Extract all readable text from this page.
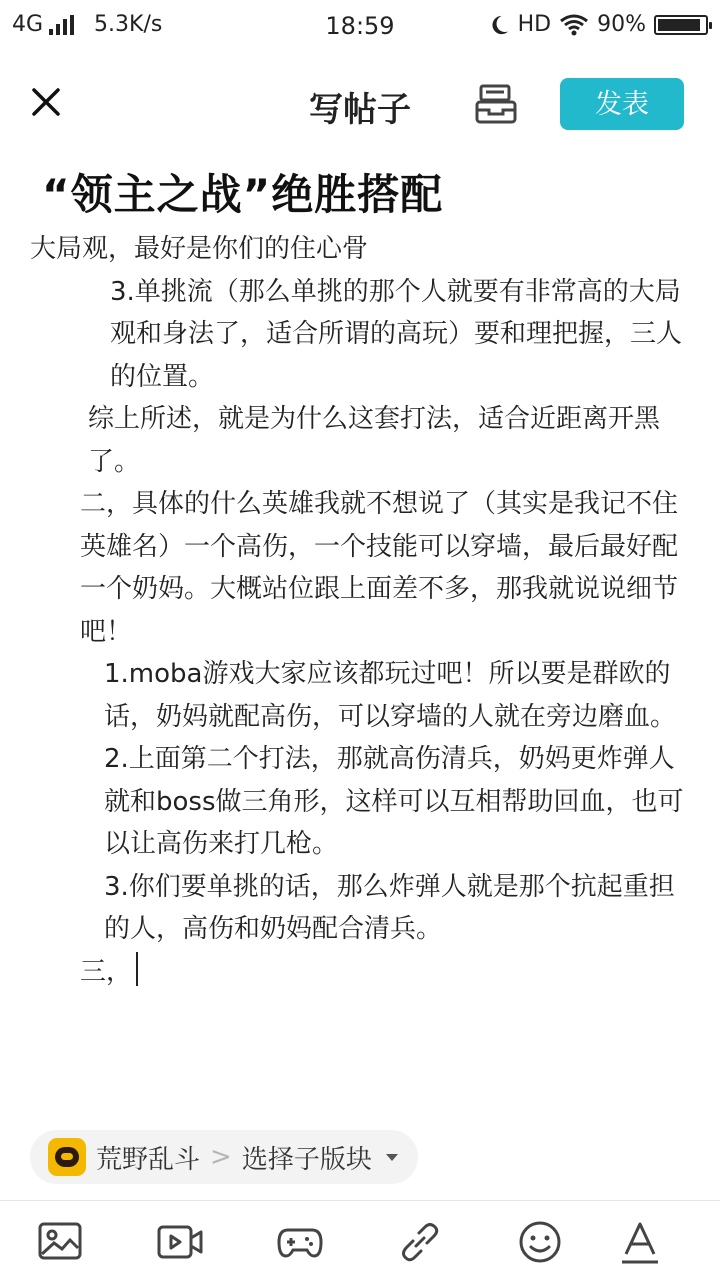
4G 5.3K/s	18:59	HD 90%
写帖子	发表
“领主之战”绝胜搭配

大局观，最好是你们的住心骨

3.单挑流（那么单挑的那个人就要有非常高的大局观和身法了，适合所谓的高玩）要和理把握，三人的位置。

综上所述，就是为什么这套打法，适合近距离开黑了。

二，具体的什么英雄我就不想说了（其实是我记不住英雄名）一个高伤，一个技能可以穿墙，最后最好配一个奶妈。大概站位跟上面差不多，那我就说说细节吧！

1.moba游戏大家应该都玩过吧！所以要是群欧的话，奶妈就配高伤，可以穿墙的人就在旁边磨血。

2.上面第二个打法，那就高伤清兵，奶妈更炸弹人就和boss做三角形，这样可以互相帮助回血，也可以让高伤来打几枪。

3.你们要单挑的话，那么炸弹人就是那个抗起重担的人，高伤和奶妈配合清兵。

三，

荒野乱斗 > 选择子版块
